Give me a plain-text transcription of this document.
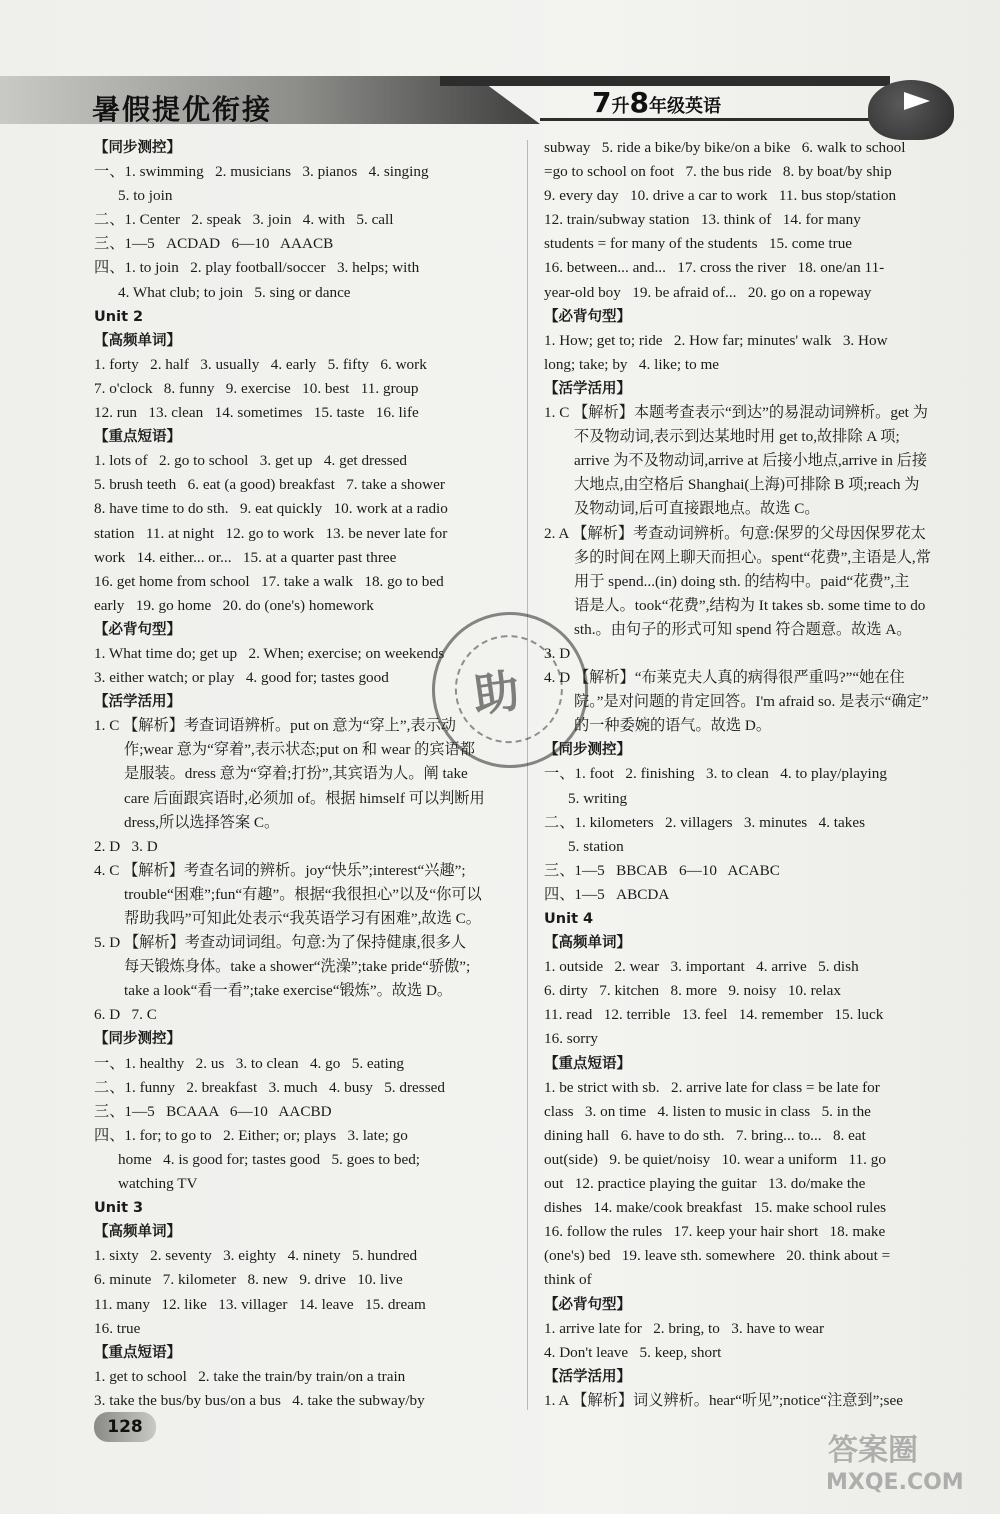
暑假提优衔接	7升8年级英语
【同步测控】
一、1. swimming   2. musicians   3. pianos   4. singing
5. to join
二、1. Center   2. speak   3. join   4. with   5. call
三、1—5   ACDAD   6—10   AAACB
四、1. to join   2. play football/soccer   3. helps; with
4. What club; to join   5. sing or dance
Unit 2
【高频单词】
1. forty   2. half   3. usually   4. early   5. fifty   6. work
7. o'clock   8. funny   9. exercise   10. best   11. group
12. run   13. clean   14. sometimes   15. taste   16. life
【重点短语】
1. lots of   2. go to school   3. get up   4. get dressed
5. brush teeth   6. eat (a good) breakfast   7. take a shower
8. have time to do sth.   9. eat quickly   10. work at a radio
station   11. at night   12. go to work   13. be never late for
work   14. either... or...   15. at a quarter past three
16. get home from school   17. take a walk   18. go to bed
early   19. go home   20. do (one's) homework
【必背句型】
1. What time do; get up   2. When; exercise; on weekends
3. either watch; or play   4. good for; tastes good
【活学活用】
1. C 【解析】考查词语辨析。put on 意为“穿上”,表示动
作;wear 意为“穿着”,表示状态;put on 和 wear 的宾语都
是服装。dress 意为“穿着;打扮”,其宾语为人。阐 take
care 后面跟宾语时,必须加 of。根据 himself 可以判断用
dress,所以选择答案 C。
2. D   3. D
4. C 【解析】考查名词的辨析。joy“快乐”;interest“兴趣”;
trouble“困难”;fun“有趣”。根据“我很担心”以及“你可以
帮助我吗”可知此处表示“我英语学习有困难”,故选 C。
5. D 【解析】考查动词词组。句意:为了保持健康,很多人
每天锻炼身体。take a shower“洗澡”;take pride“骄傲”;
take a look“看一看”;take exercise“锻炼”。故选 D。
6. D   7. C
【同步测控】
一、1. healthy   2. us   3. to clean   4. go   5. eating
二、1. funny   2. breakfast   3. much   4. busy   5. dressed
三、1—5   BCAAA   6—10   AACBD
四、1. for; to go to   2. Either; or; plays   3. late; go
home   4. is good for; tastes good   5. goes to bed;
watching TV
Unit 3
【高频单词】
1. sixty   2. seventy   3. eighty   4. ninety   5. hundred
6. minute   7. kilometer   8. new   9. drive   10. live
11. many   12. like   13. villager   14. leave   15. dream
16. true
【重点短语】
1. get to school   2. take the train/by train/on a train
3. take the bus/by bus/on a bus   4. take the subway/by
subway   5. ride a bike/by bike/on a bike   6. walk to school
=go to school on foot   7. the bus ride   8. by boat/by ship
9. every day   10. drive a car to work   11. bus stop/station
12. train/subway station   13. think of   14. for many
students = for many of the students   15. come true
16. between... and...   17. cross the river   18. one/an 11-
year-old boy   19. be afraid of...   20. go on a ropeway
【必背句型】
1. How; get to; ride   2. How far; minutes' walk   3. How
long; take; by   4. like; to me
【活学活用】
1. C 【解析】本题考查表示“到达”的易混动词辨析。get 为
不及物动词,表示到达某地时用 get to,故排除 A 项;
arrive 为不及物动词,arrive at 后接小地点,arrive in 后接
大地点,由空格后 Shanghai(上海)可排除 B 项;reach 为
及物动词,后可直接跟地点。故选 C。
2. A 【解析】考查动词辨析。句意:保罗的父母因保罗花太
多的时间在网上聊天而担心。spent“花费”,主语是人,常
用于 spend...(in) doing sth. 的结构中。paid“花费”,主
语是人。took“花费”,结构为 It takes sb. some time to do
sth.。由句子的形式可知 spend 符合题意。故选 A。
3. D
4. D 【解析】“布莱克夫人真的病得很严重吗?”“她在住
院。”是对问题的肯定回答。I'm afraid so. 是表示“确定”
的一种委婉的语气。故选 D。
【同步测控】
一、1. foot   2. finishing   3. to clean   4. to play/playing
5. writing
二、1. kilometers   2. villagers   3. minutes   4. takes
5. station
三、1—5   BBCAB   6—10   ACABC
四、1—5   ABCDA
Unit 4
【高频单词】
1. outside   2. wear   3. important   4. arrive   5. dish
6. dirty   7. kitchen   8. more   9. noisy   10. relax
11. read   12. terrible   13. feel   14. remember   15. luck
16. sorry
【重点短语】
1. be strict with sb.   2. arrive late for class = be late for
class   3. on time   4. listen to music in class   5. in the
dining hall   6. have to do sth.   7. bring... to...   8. eat
out(side)   9. be quiet/noisy   10. wear a uniform   11. go
out   12. practice playing the guitar   13. do/make the
dishes   14. make/cook breakfast   15. make school rules
16. follow the rules   17. keep your hair short   18. make
(one's) bed   19. leave sth. somewhere   20. think about =
think of
【必背句型】
1. arrive late for   2. bring, to   3. have to wear
4. Don't leave   5. keep, short
【活学活用】
1. A 【解析】词义辨析。hear“听见”;notice“注意到”;see
助
128
答案圈
MXQE.COM
